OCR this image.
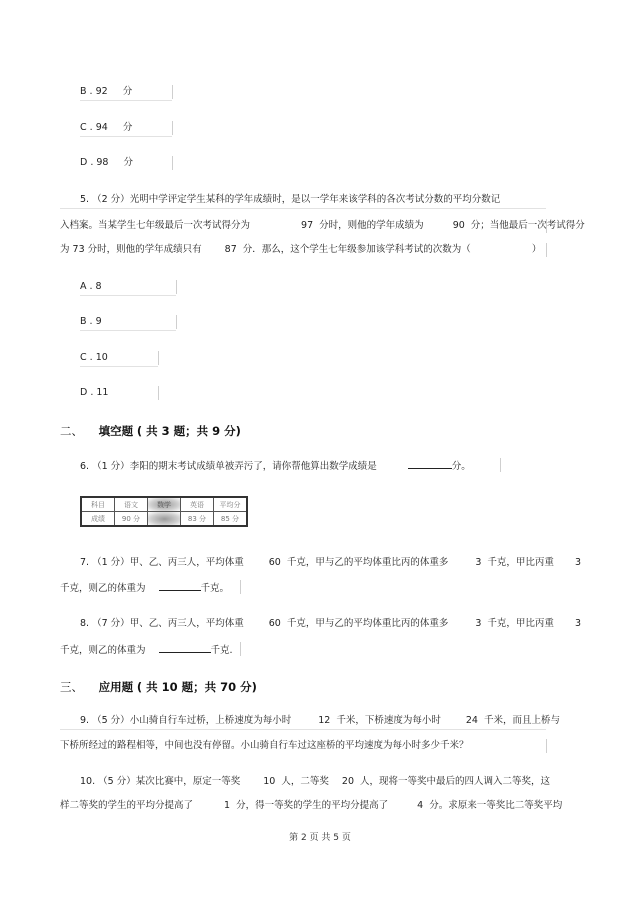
B . 92 分
C . 94 分
D . 98 分
5. （2 分）光明中学评定学生某科的学年成绩时，是以一学年来该学科的各次考试分数的平均分数记
入档案。当某学生七年级最后一次考试得分为	97 分时，则他的学年成绩为	90 分；当他最后一次考试得分
为 73 分时，则他的学年成绩只有 87 分．那么，这个学生七年级参加该学科考试的次数为（	）
A . 8
B . 9
C . 10
D . 11
二、 填空题 ( 共 3 题；共 9 分)
6. （1 分）李阳的期末考试成绩单被弄污了，请你帮他算出数学成绩是	分。
科目	语文	数学	英语	平均分
成绩	90 分		83 分	85 分
7. （1 分）甲、乙、丙三人，平均体重	60 千克，甲与乙的平均体重比丙的体重多	3 千克，甲比丙重 3
千克，则乙的体重为	千克。
8. （7 分）甲、乙、丙三人，平均体重	60 千克，甲与乙的平均体重比丙的体重多	3 千克，甲比丙重 3
千克，则乙的体重为	千克.
三、 应用题 ( 共 10 题；共 70 分)
9. （5 分）小山骑自行车过桥，上桥速度为每小时	12 千米，下桥速度为每小时	24 千米，而且上桥与
下桥所经过的路程相等，中间也没有停留。小山骑自行车过这座桥的平均速度为每小时多少千米？
10. （5 分）某次比赛中，原定一等奖 10 人，二等奖 20 人，现将一等奖中最后的四人调入二等奖，这
样二等奖的学生的平均分提高了	1 分，得一等奖的学生的平均分提高了	4 分。求原来一等奖比二等奖平均
第 2 页 共 5 页
